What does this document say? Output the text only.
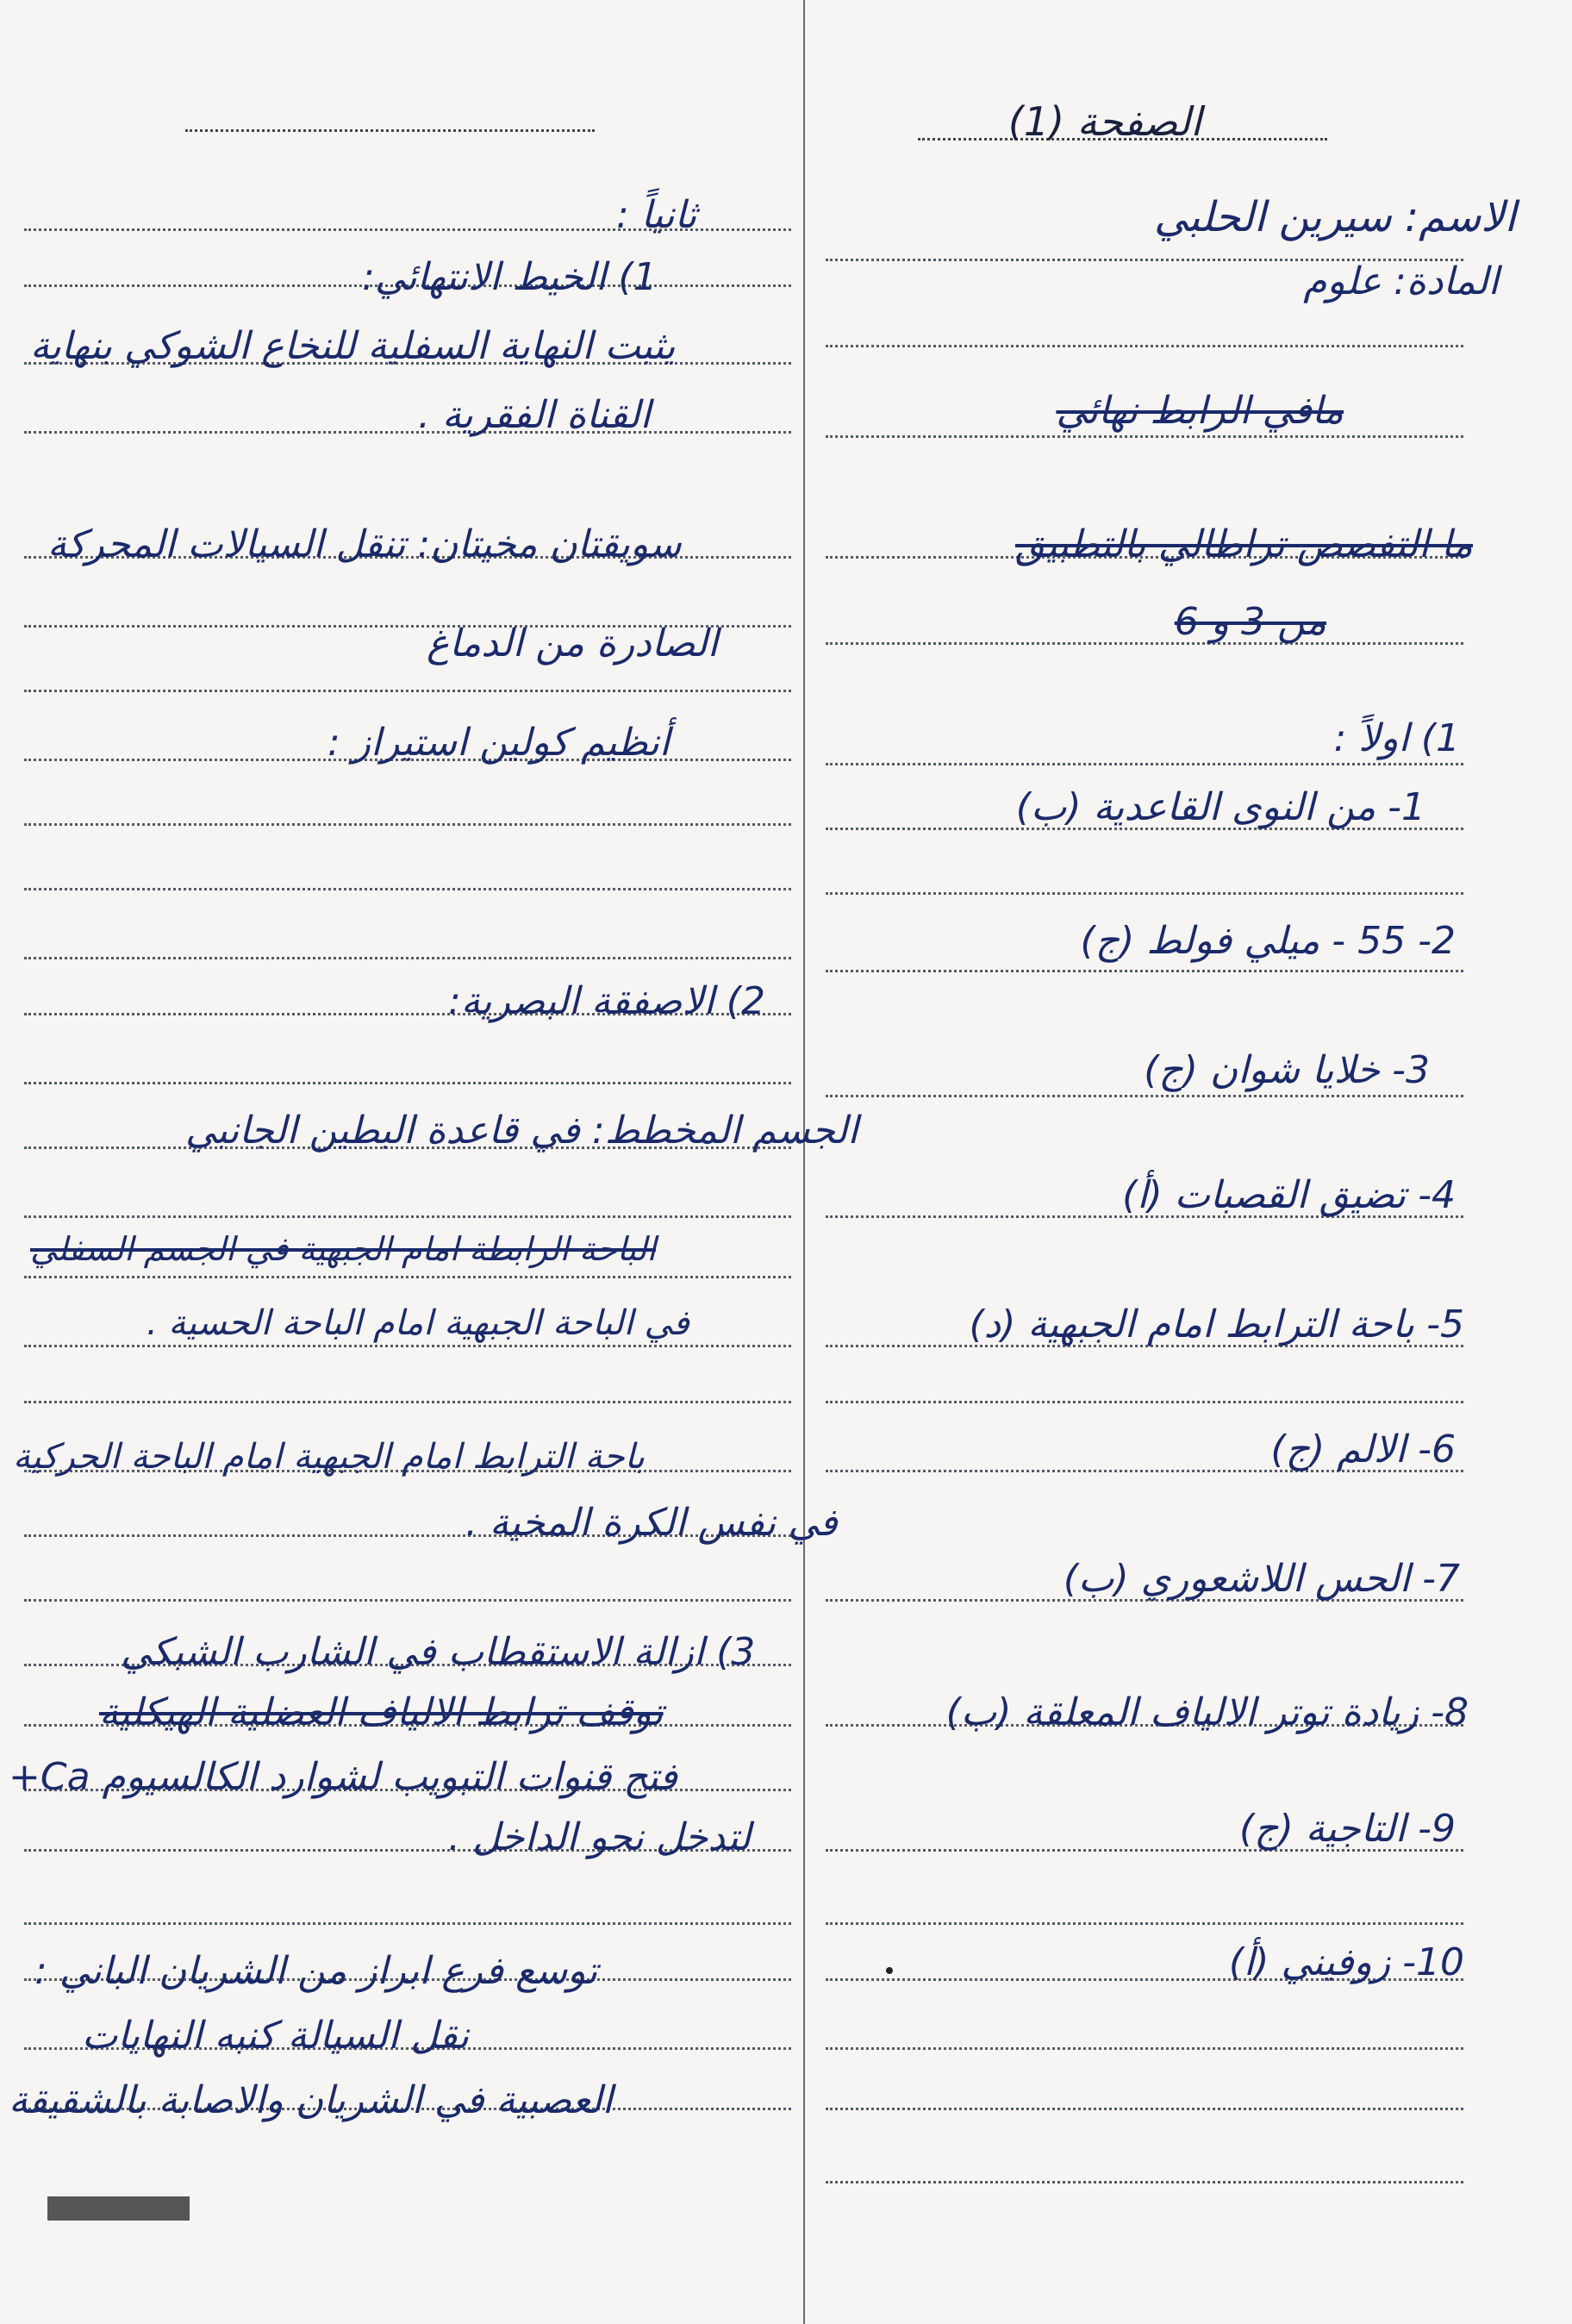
الصفحة (1)
الاسم: سيرين الحلبي
المادة: علوم
مافي الرابط نهائي
ما التفصص تراطالي بالتطبيق
من 3 و 6
1) اولاً :
1- من النوى القاعدية (ب)
2- 55 - ميلي فولط (ج)
3- خلايا شوان (ج)
4- تضيق القصبات (أ)
5- باحة الترابط امام الجبهية (د)
6- الالم (ج)
7- الحس اللاشعوري (ب)
8- زيادة توتر الالياف المعلقة (ب)
9- التاجية (ج)
10- زوفيني (أ)
ثانياً :
1) الخيط الانتهائي:
يثبت النهاية السفلية للنخاع الشوكي بنهاية
القناة الفقرية .
سويقتان مخيتان: تنقل السيالات المحركة
الصادرة من الدماغ
أنظيم كولين استيراز :
2) الاصفقة البصرية:
الجسم المخطط: في قاعدة البطين الجانبي
الباحة الرابطة امام الجبهية في الجسم السفلي
في الباحة الجبهية امام الباحة الحسية .
باحة الترابط امام الجبهية امام الباحة الحركية
في نفس الكرة المخية .
3) ازالة الاستقطاب في الشارب الشبكي
توقف ترابط الالياف العضلية الهيكلية
فتح قنوات التبويب لشوارد الكالسيوم Ca+
لتدخل نحو الداخل .
توسع فرع ابراز من الشريان الباني :
نقل السيالة كنبه النهايات
العصبية في الشريان والاصابة بالشقيقة
